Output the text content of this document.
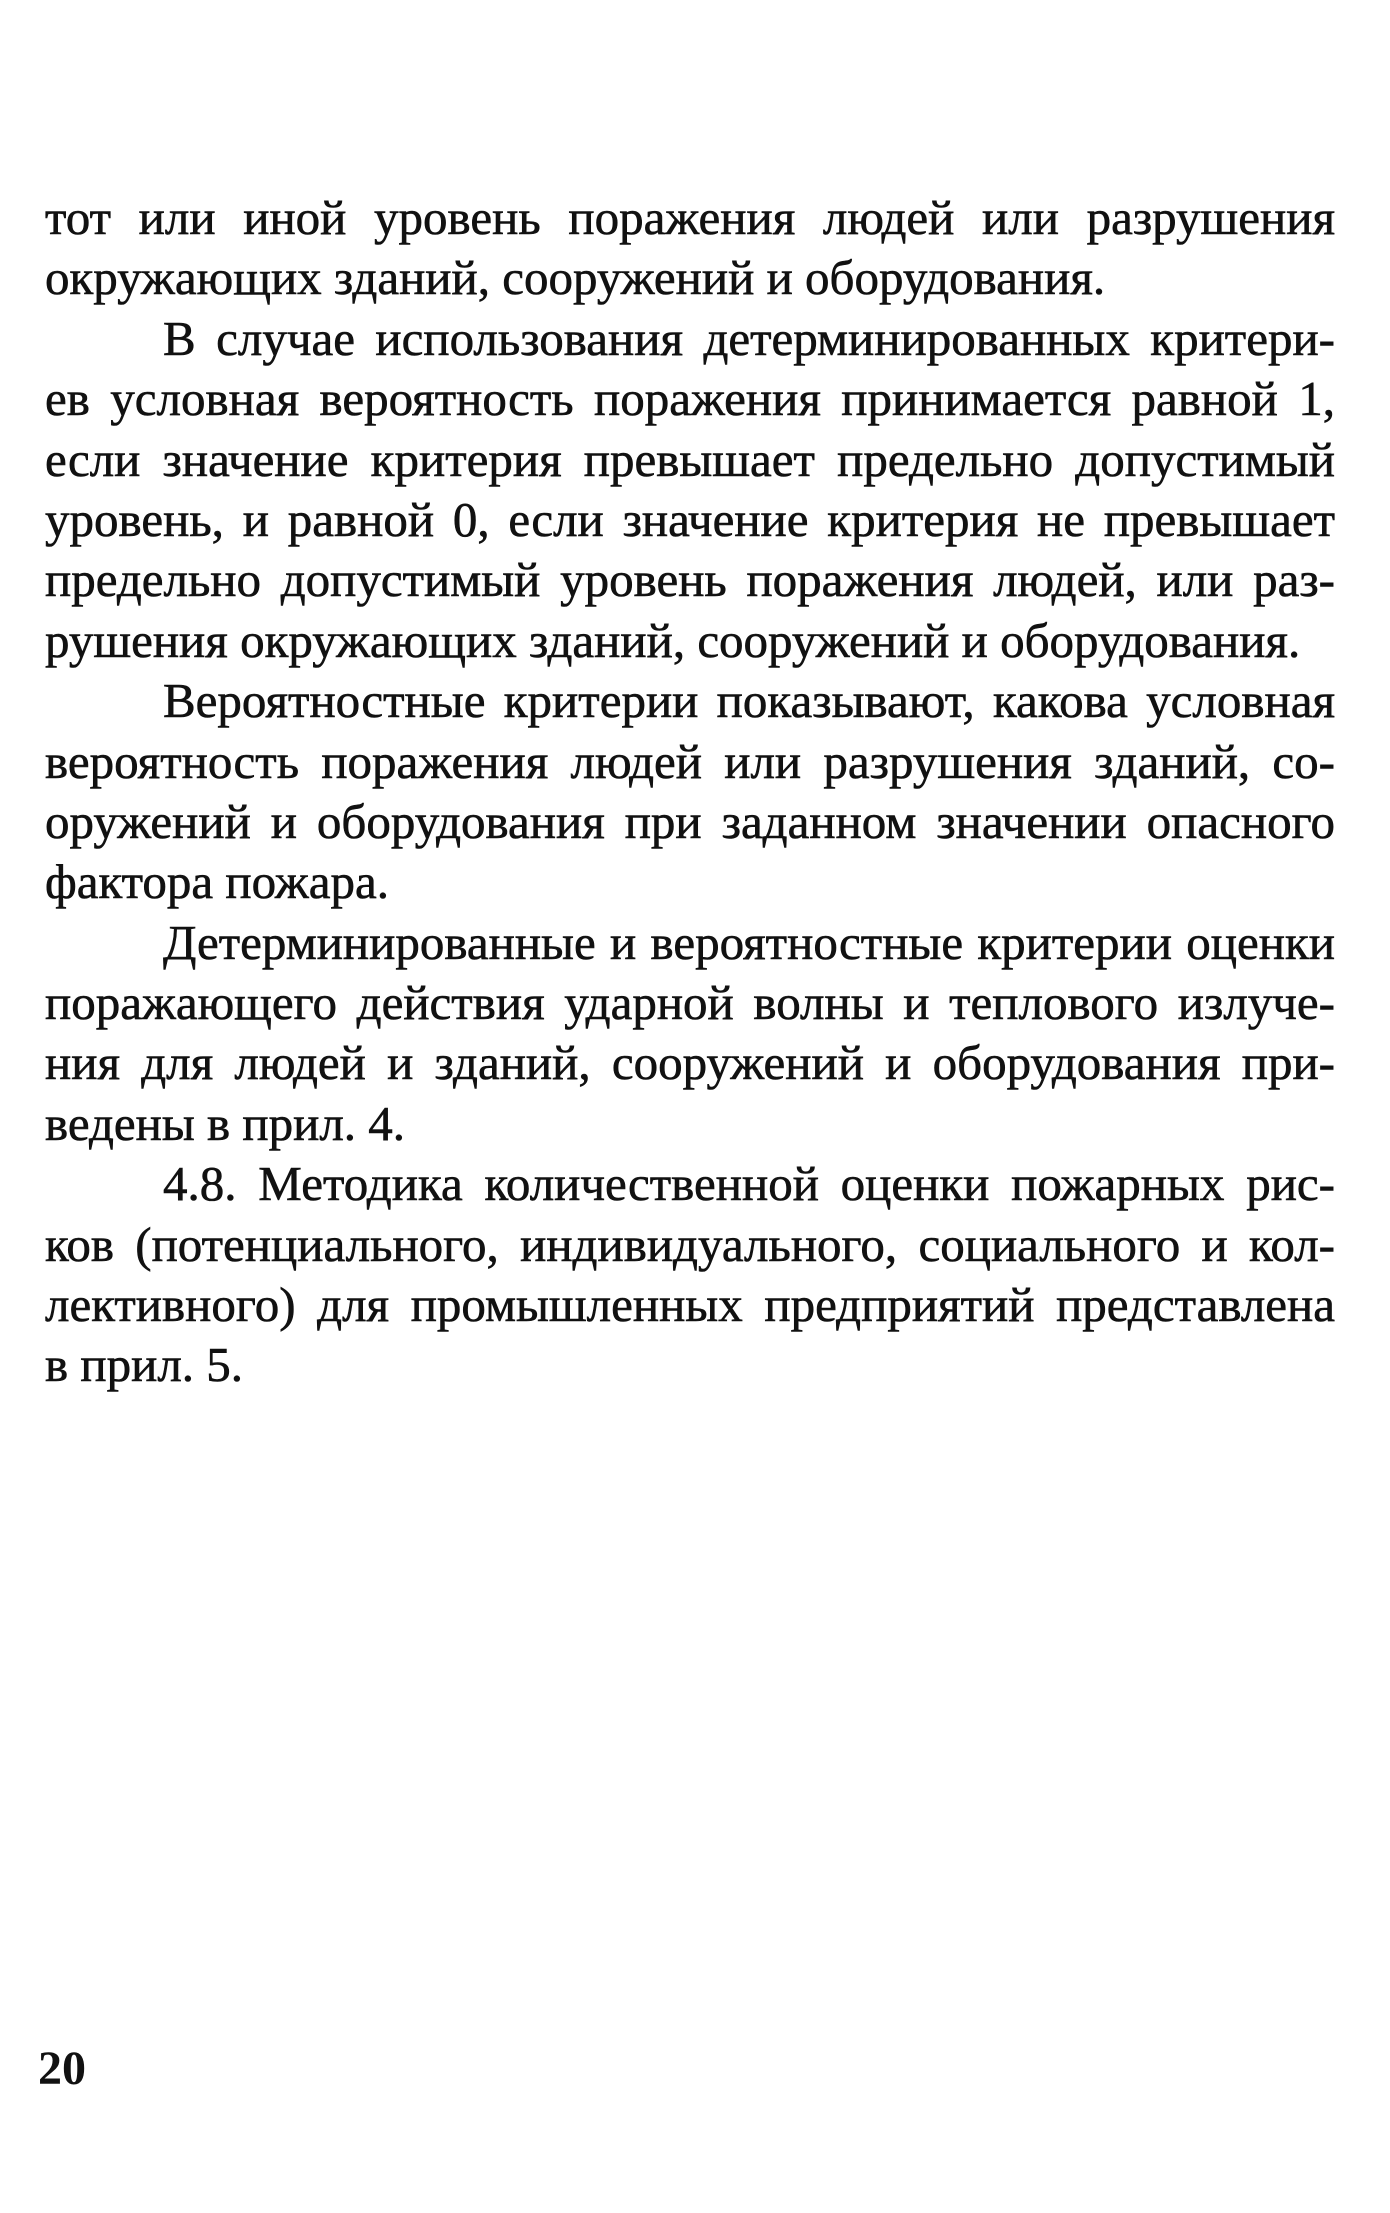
тот или иной уровень поражения людей или разрушения
окружающих зданий, сооружений и оборудования.
В случае использования детерминированных критери-
ев условная вероятность поражения принимается равной 1,
если значение критерия превышает предельно допустимый
уровень, и равной 0, если значение критерия не превышает
предельно допустимый уровень поражения людей, или раз-
рушения окружающих зданий, сооружений и оборудования.
Вероятностные критерии показывают, какова условная
вероятность поражения людей или разрушения зданий, со-
оружений и оборудования при заданном значении опасного
фактора пожара.
Детерминированные и вероятностные критерии оценки
поражающего действия ударной волны и теплового излуче-
ния для людей и зданий, сооружений и оборудования при-
ведены в прил. 4.
4.8. Методика количественной оценки пожарных рис-
ков (потенциального, индивидуального, социального и кол-
лективного) для промышленных предприятий представлена
в прил. 5.
20
